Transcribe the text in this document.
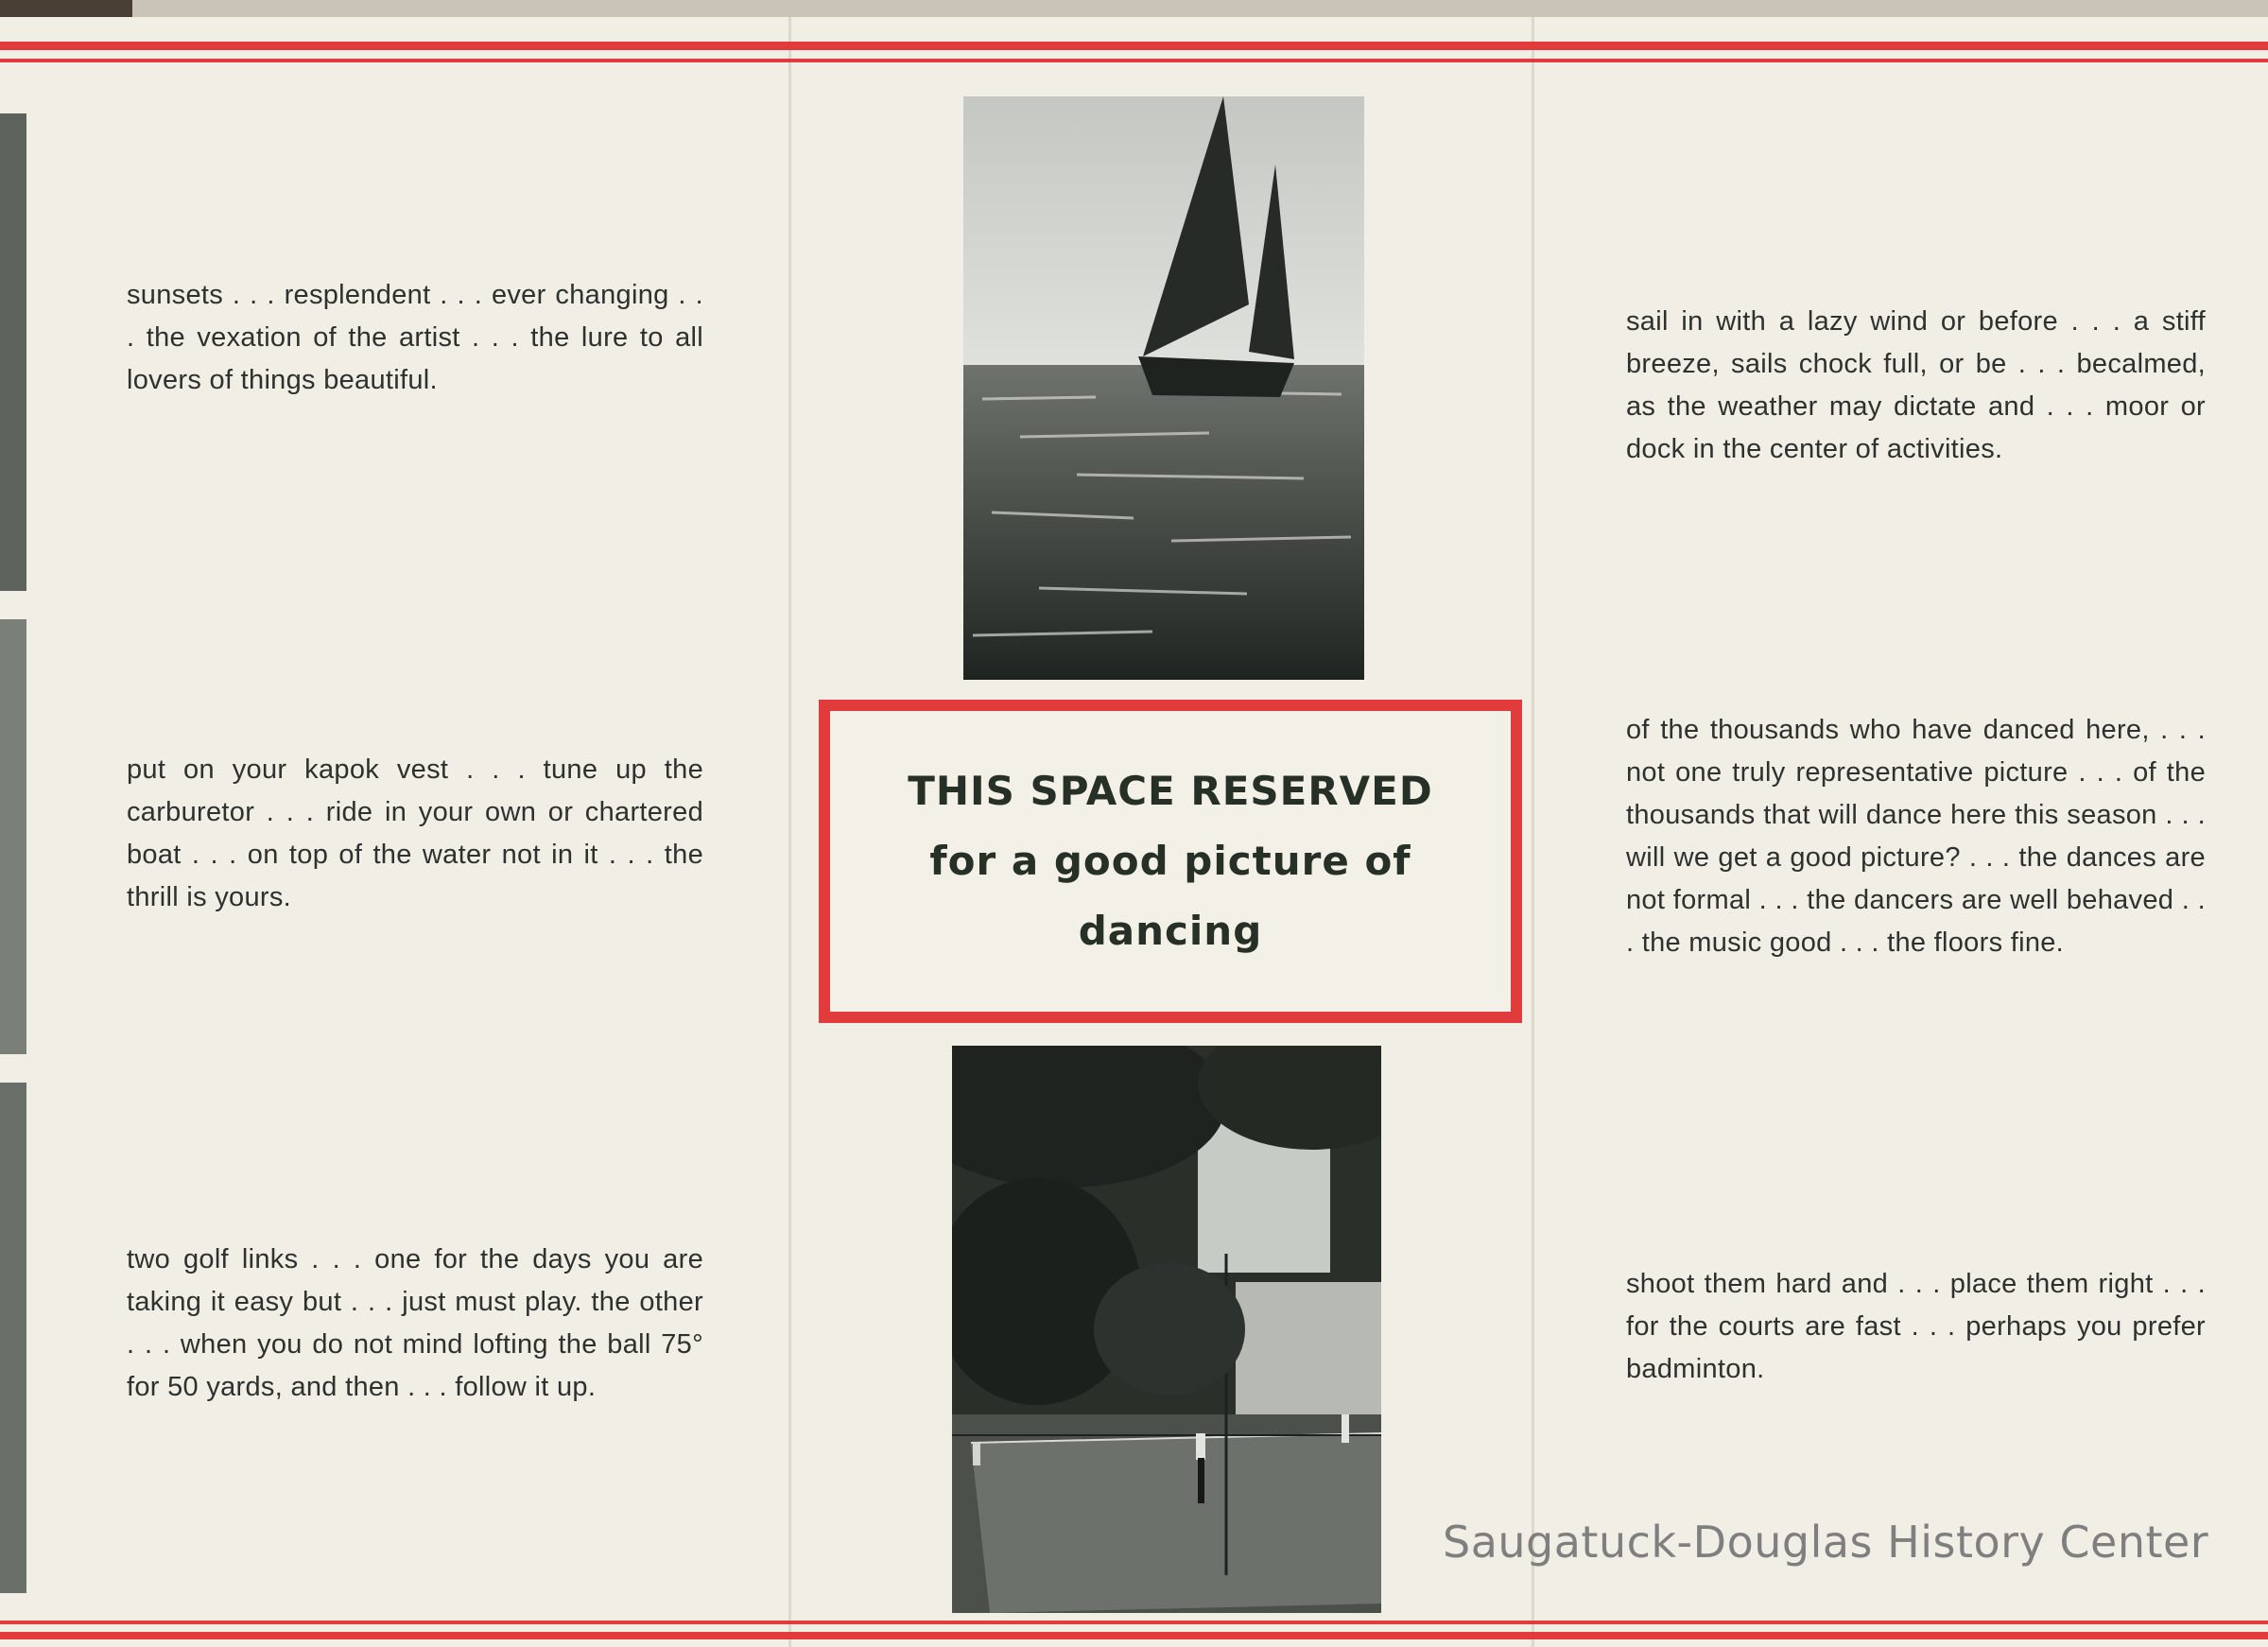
sunsets . . . resplendent . . . ever changing . . . the vexation of the artist . . . the lure to all lovers of things beautiful.
put on your kapok vest . . . tune up the carburetor . . . ride in your own or chartered boat . . . on top of the water not in it . . . the thrill is yours.
two golf links . . . one for the days you are taking it easy but . . . just must play. the other . . . when you do not mind lofting the ball 75° for 50 yards, and then . . . follow it up.
THIS SPACE RESERVED
for a good picture of
dancing
sail in with a lazy wind or before . . . a stiff breeze, sails chock full, or be . . . becalmed, as the weather may dictate and . . . moor or dock in the center of activities.
of the thousands who have danced here, . . . not one truly representative picture . . . of the thousands that will dance here this season . . . will we get a good picture? . . . the dances are not formal . . . the dancers are well behaved . . . the music good . . . the floors fine.
shoot them hard and . . . place them right . . . for the courts are fast . . . perhaps you prefer badminton.
Saugatuck-Douglas History Center
